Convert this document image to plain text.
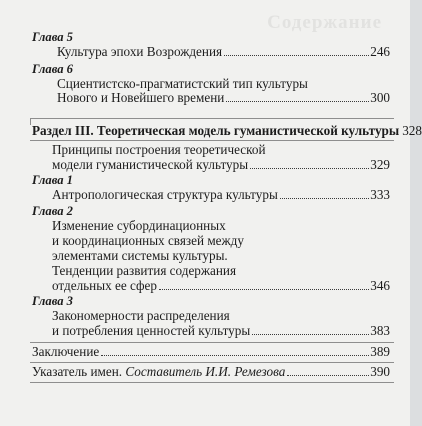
Содержание
Глава 5
Культура эпохи Возрождения	246
Глава 6
Сциентистско-прагматистский тип культуры
Нового и Новейшего времени	300
Раздел III. Теоретическая модель гуманистической культуры 328
Принципы построения теоретической
модели гуманистической культуры	329
Глава 1
Антропологическая структура культуры	333
Глава 2
Изменение субординационных
и координационных связей между
элементами системы культуры.
Тенденции развития содержания
отдельных ее сфер	346
Глава 3
Закономерности распределения
и потребления ценностей культуры	383
Заключение	389
Указатель имен. Составитель И.И. Ремезова	390
